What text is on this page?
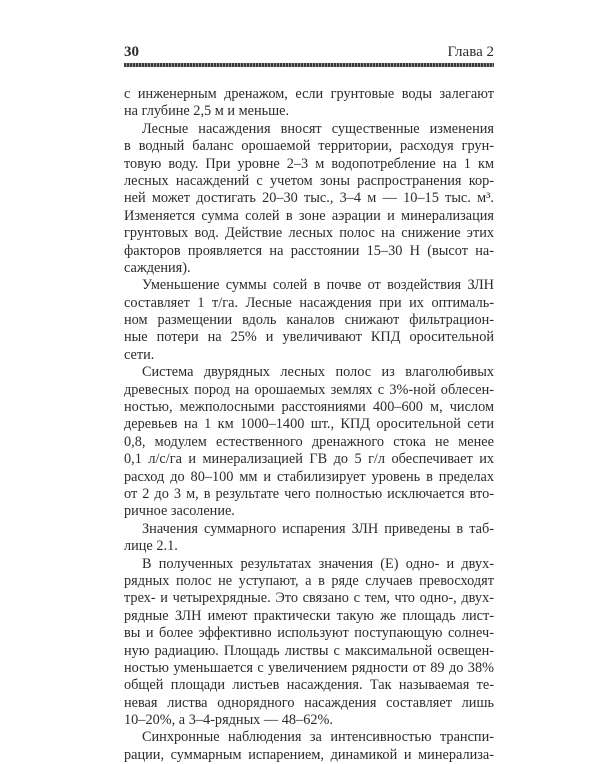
30	Глава 2
с инженерным дренажом, если грунтовые воды залегают
на глубине 2,5 м и меньше.
Лесные насаждения вносят существенные изменения
в водный баланс орошаемой территории, расходуя грун-
товую воду. При уровне 2–3 м водопотребление на 1 км
лесных насаждений с учетом зоны распространения кор-
ней может достигать 20–30 тыс., 3–4 м — 10–15 тыс. м³.
Изменяется сумма солей в зоне аэрации и минерализация
грунтовых вод. Действие лесных полос на снижение этих
факторов проявляется на расстоянии 15–30 Н (высот на-
саждения).
Уменьшение суммы солей в почве от воздействия ЗЛН
составляет 1 т/га. Лесные насаждения при их оптималь-
ном размещении вдоль каналов снижают фильтрацион-
ные потери на 25% и увеличивают КПД оросительной
сети.
Система двурядных лесных полос из влаголюбивых
древесных пород на орошаемых землях с 3%-ной облесен-
ностью, межполосными расстояниями 400–600 м, числом
деревьев на 1 км 1000–1400 шт., КПД оросительной сети
0,8, модулем естественного дренажного стока не менее
0,1 л/с/га и минерализацией ГВ до 5 г/л обеспечивает их
расход до 80–100 мм и стабилизирует уровень в пределах
от 2 до 3 м, в результате чего полностью исключается вто-
ричное засоление.
Значения суммарного испарения ЗЛН приведены в таб-
лице 2.1.
В полученных результатах значения (Е) одно- и двух-
рядных полос не уступают, а в ряде случаев превосходят
трех- и четырехрядные. Это связано с тем, что одно-, двух-
рядные ЗЛН имеют практически такую же площадь лист-
вы и более эффективно используют поступающую солнеч-
ную радиацию. Площадь листвы с максимальной освещен-
ностью уменьшается с увеличением рядности от 89 до 38%
общей площади листьев насаждения. Так называемая те-
невая листва однорядного насаждения составляет лишь
10–20%, а 3–4-рядных — 48–62%.
Синхронные наблюдения за интенсивностью транспи-
рации, суммарным испарением, динамикой и минерализа-
